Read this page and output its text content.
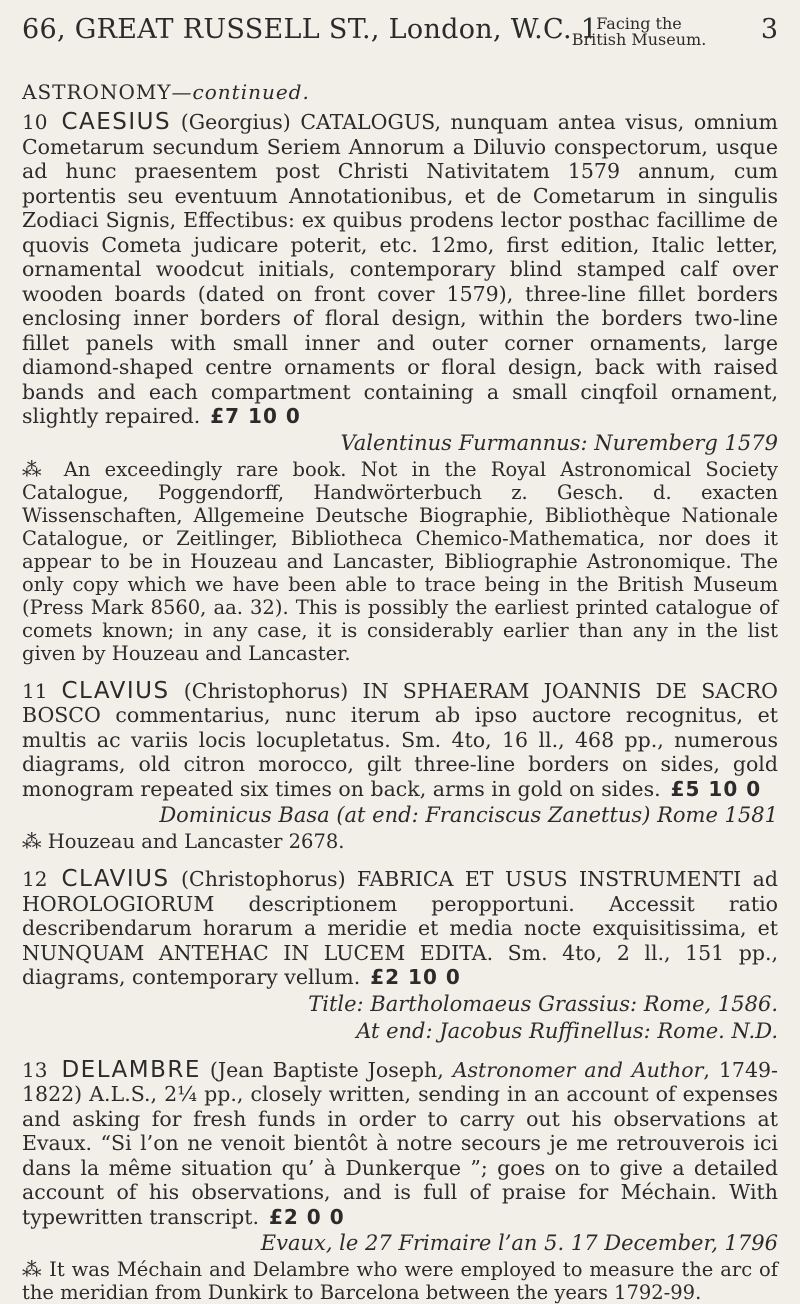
66, GREAT RUSSELL ST., London, W.C. 1
Facing the
British Museum. 3
ASTRONOMY—continued.

10 CAESIUS (Georgius) CATALOGUS, nunquam antea visus, omnium Cometarum secundum Seriem Annorum a Diluvio conspectorum, usque ad hunc praesentem post Christi Nativitatem 1579 annum, cum portentis seu eventuum Annotationibus, et de Cometarum in singulis Zodiaci Signis, Effectibus: ex quibus prodens lector posthac facillime de quovis Cometa judicare poterit, etc. 12mo, first edition, Italic letter, ornamental woodcut initials, contemporary blind stamped calf over wooden boards (dated on front cover 1579), three-line fillet borders enclosing inner borders of floral design, within the borders two-line fillet panels with small inner and outer corner ornaments, large diamond-shaped centre ornaments or floral design, back with raised bands and each compartment containing a small cinqfoil ornament, slightly repaired. £7 10 0

Valentinus Furmannus: Nuremberg 1579

⁂ An exceedingly rare book. Not in the Royal Astronomical Society Catalogue, Poggendorff, Handwörterbuch z. Gesch. d. exacten Wissenschaften, Allgemeine Deutsche Biographie, Bibliothèque Nationale Catalogue, or Zeitlinger, Bibliotheca Chemico-Mathematica, nor does it appear to be in Houzeau and Lancaster, Bibliographie Astronomique. The only copy which we have been able to trace being in the British Museum (Press Mark 8560, aa. 32). This is possibly the earliest printed catalogue of comets known; in any case, it is considerably earlier than any in the list given by Houzeau and Lancaster.

11 CLAVIUS (Christophorus) IN SPHAERAM JOANNIS DE SACRO BOSCO commentarius, nunc iterum ab ipso auctore recognitus, et multis ac variis locis locupletatus. Sm. 4to, 16 ll., 468 pp., numerous diagrams, old citron morocco, gilt three-line borders on sides, gold monogram repeated six times on back, arms in gold on sides. £5 10 0

Dominicus Basa (at end: Franciscus Zanettus) Rome 1581

⁂ Houzeau and Lancaster 2678.

12 CLAVIUS (Christophorus) FABRICA ET USUS INSTRUMENTI ad HOROLOGIORUM descriptionem peropportuni. Accessit ratio describendarum horarum a meridie et media nocte exquisitissima, et NUNQUAM ANTEHAC IN LUCEM EDITA. Sm. 4to, 2 ll., 151 pp., diagrams, contemporary vellum. £2 10 0

Title: Bartholomaeus Grassius: Rome, 1586.
At end: Jacobus Ruffinellus: Rome. N.D.

13 DELAMBRE (Jean Baptiste Joseph, Astronomer and Author, 1749-1822) A.L.S., 2¼ pp., closely written, sending in an account of expenses and asking for fresh funds in order to carry out his observations at Evaux. “Si l’on ne venoit bientôt à notre secours je me retrouverois ici dans la même situation qu’ à Dunkerque ”; goes on to give a detailed account of his observations, and is full of praise for Méchain. With typewritten transcript. £2 0 0

Evaux, le 27 Frimaire l’an 5. 17 December, 1796

⁂ It was Méchain and Delambre who were employed to measure the arc of the meridian from Dunkirk to Barcelona between the years 1792-99.
